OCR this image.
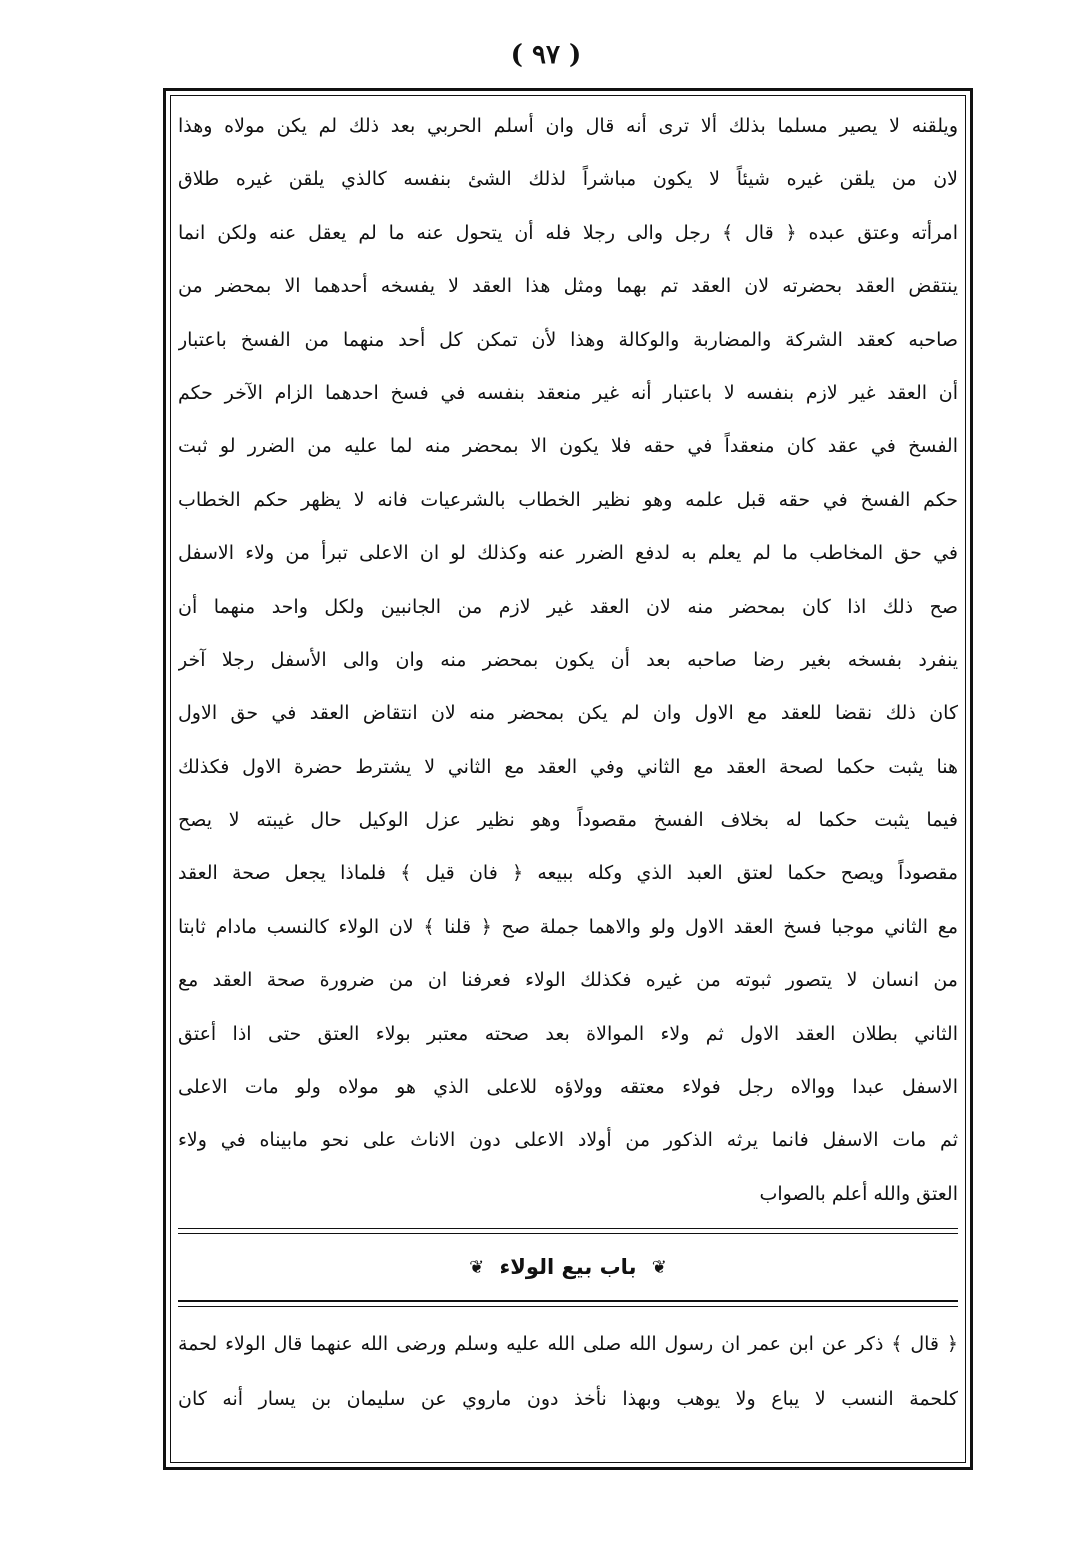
( ٩٧ )
ويلقنه لا يصير مسلما بذلك ألا ترى أنه قال وان أسلم الحربي بعد ذلك لم يكن مولاه وهذا
لان من يلقن غيره شيئاً لا يكون مباشراً لذلك الشئ بنفسه كالذي يلقن غيره طلاق
امرأته وعتق عبده ﴿ قال ﴾ رجل والى رجلا فله أن يتحول عنه ما لم يعقل عنه ولكن انما
ينتقض العقد بحضرته لان العقد تم بهما ومثل هذا العقد لا يفسخه أحدهما الا بمحضر من
صاحبه كعقد الشركة والمضاربة والوكالة وهذا لأن تمكن كل أحد منهما من الفسخ باعتبار
أن العقد غير لازم بنفسه لا باعتبار أنه غير منعقد بنفسه في فسخ احدهما الزام الآخر حكم
الفسخ في عقد كان منعقداً في حقه فلا يكون الا بمحضر منه لما عليه من الضرر لو ثبت
حكم الفسخ في حقه قبل علمه وهو نظير الخطاب بالشرعيات فانه لا يظهر حكم الخطاب
في حق المخاطب ما لم يعلم به لدفع الضرر عنه وكذلك لو ان الاعلى تبرأ من ولاء الاسفل
صح ذلك اذا كان بمحضر منه لان العقد غير لازم من الجانبين ولكل واحد منهما أن
ينفرد بفسخه بغير رضا صاحبه بعد أن يكون بمحضر منه وان والى الأسفل رجلا آخر
كان ذلك نقضا للعقد مع الاول وان لم يكن بمحضر منه لان انتقاض العقد في حق الاول
هنا يثبت حكما لصحة العقد مع الثاني وفي العقد مع الثاني لا يشترط حضرة الاول فكذلك
فيما يثبت حكما له بخلاف الفسخ مقصوداً وهو نظير عزل الوكيل حال غيبته لا يصح
مقصوداً ويصح حكما لعتق العبد الذي وكله ببيعه ﴿ فان قيل ﴾ فلماذا يجعل صحة العقد
مع الثاني موجبا فسخ العقد الاول ولو والاهما جملة صح ﴿ قلنا ﴾ لان الولاء كالنسب مادام ثابتا
من انسان لا يتصور ثبوته من غيره فكذلك الولاء فعرفنا ان من ضرورة صحة العقد مع
الثاني بطلان العقد الاول ثم ولاء الموالاة بعد صحته معتبر بولاء العتق حتى اذا أعتق
الاسفل عبدا ووالاه رجل فولاء معتقه وولاؤه للاعلى الذي هو مولاه ولو مات الاعلى
ثم مات الاسفل فانما يرثه الذكور من أولاد الاعلى دون الاناث على نحو مابيناه في ولاء
العتق والله أعلم بالصواب
❦ باب بيع الولاء ❦
﴿ قال ﴾ ذكر عن ابن عمر ان رسول الله صلى الله عليه وسلم ورضى الله عنهما قال الولاء لحمة
كلحمة النسب لا يباع ولا يوهب وبهذا نأخذ دون ماروي عن سليمان بن يسار أنه كان
